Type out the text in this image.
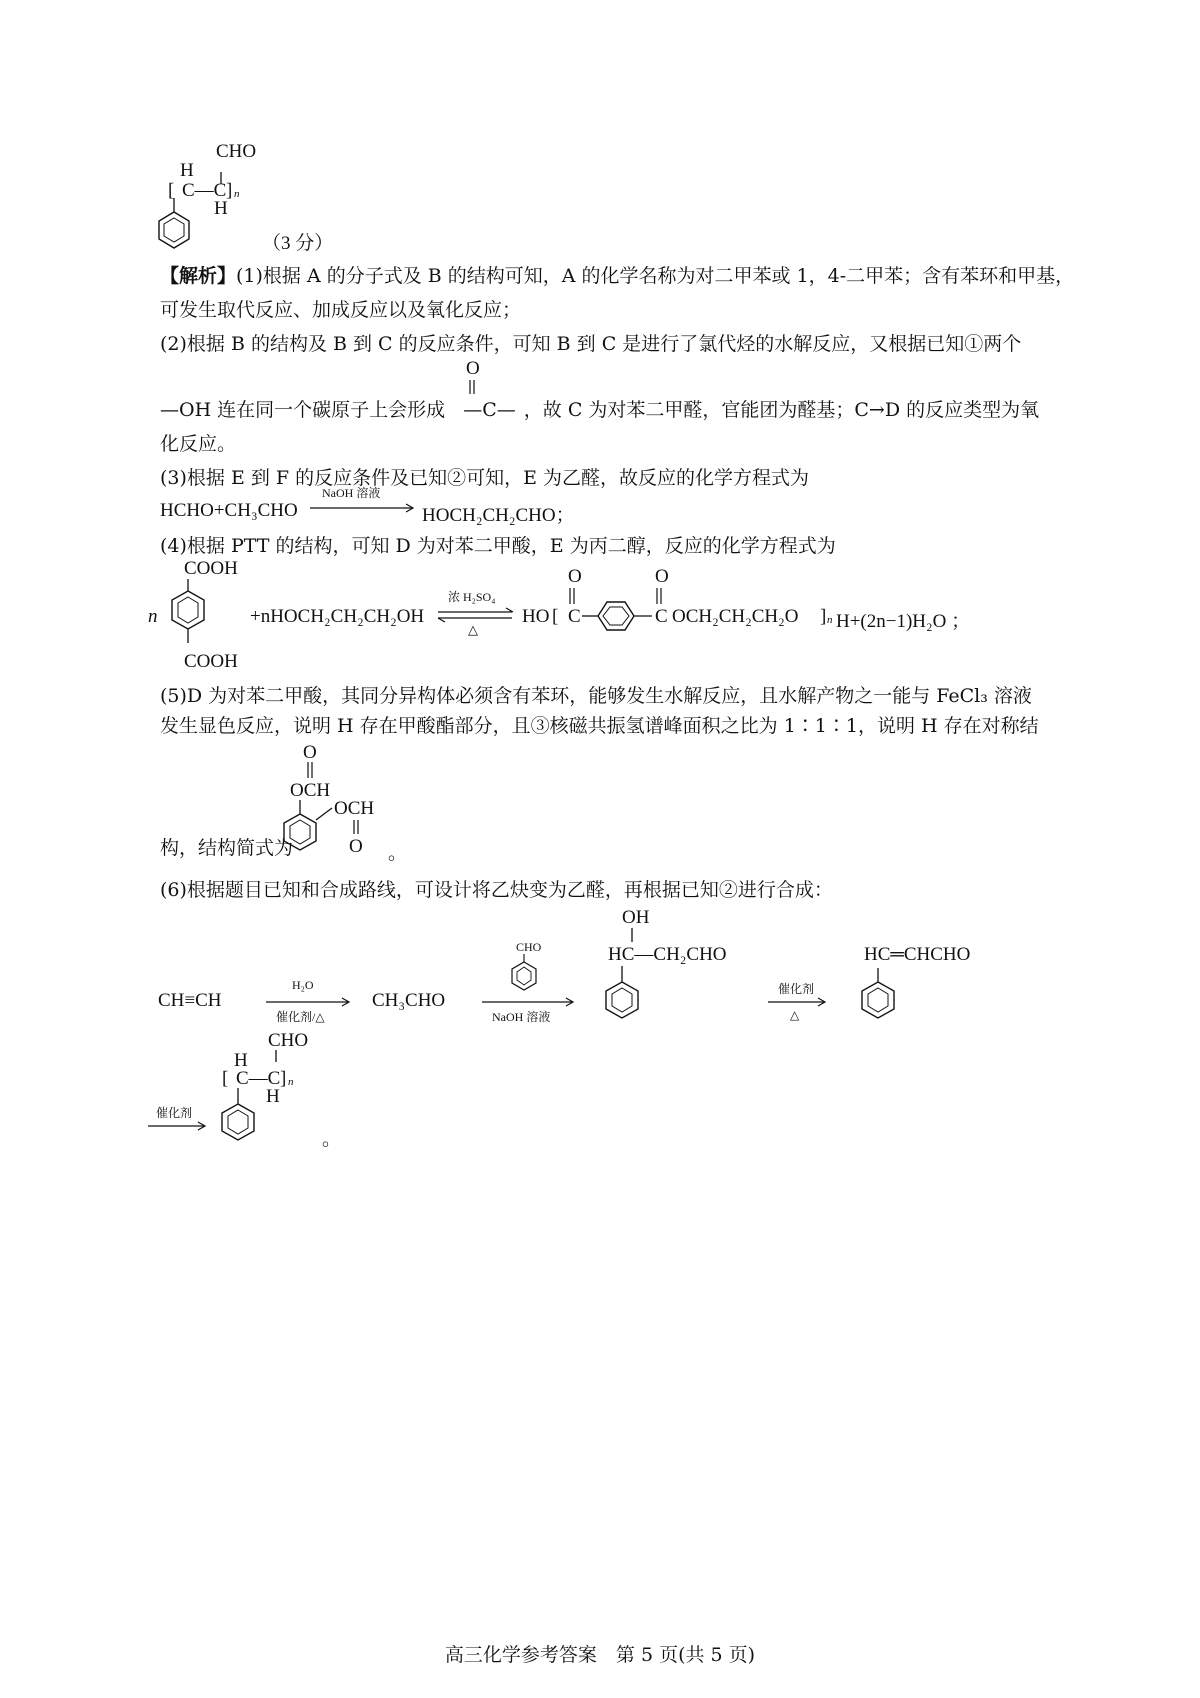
CHO
H
[ C—C ] n
H
（3 分）
【解析】(1)根据 A 的分子式及 B 的结构可知，A 的化学名称为对二甲苯或 1，4-二甲苯；含有苯环和甲基，
可发生取代反应、加成反应以及氧化反应；
(2)根据 B 的结构及 B 到 C 的反应条件，可知 B 到 C 是进行了氯代烃的水解反应，又根据已知①两个
O
—OH 连在同一个碳原子上会形成 —C— ，故 C 为对苯二甲醛，官能团为醛基；C→D 的反应类型为氧
化反应。
(3)根据 E 到 F 的反应条件及已知②可知，E 为乙醛，故反应的化学方程式为
HCHO+CH₃CHO
NaOH 溶液
HOCH₂CH₂CHO；
(4)根据 PTT 的结构，可知 D 为对苯二甲酸，E 为丙二醇，反应的化学方程式为
COOH
n
COOH
+nHOCH₂CH₂CH₂OH
浓 H₂SO₄
△
HO [
O	O
C	C OCH₂CH₂CH₂O ] n H+(2n−1)H₂O ；
(5)D 为对苯二甲酸，其同分异构体必须含有苯环，能够发生水解反应，且水解产物之一能与 FeCl₃ 溶液
发生显色反应，说明 H 存在甲酸酯部分，且③核磁共振氢谱峰面积之比为 1∶1∶1，说明 H 存在对称结
O
OCH
OCH
O
构，结构简式为	。
(6)根据题目已知和合成路线，可设计将乙炔变为乙醛，再根据已知②进行合成：
CH≡CH
H₂O
催化剂/△
CH₃CHO
CHO
NaOH 溶液
OH
HC—CH₂CHO
催化剂
△
HC═CHCHO
CHO
H
[ C—C ] n
H
催化剂
。
高三化学参考答案　第 5 页(共 5 页)
